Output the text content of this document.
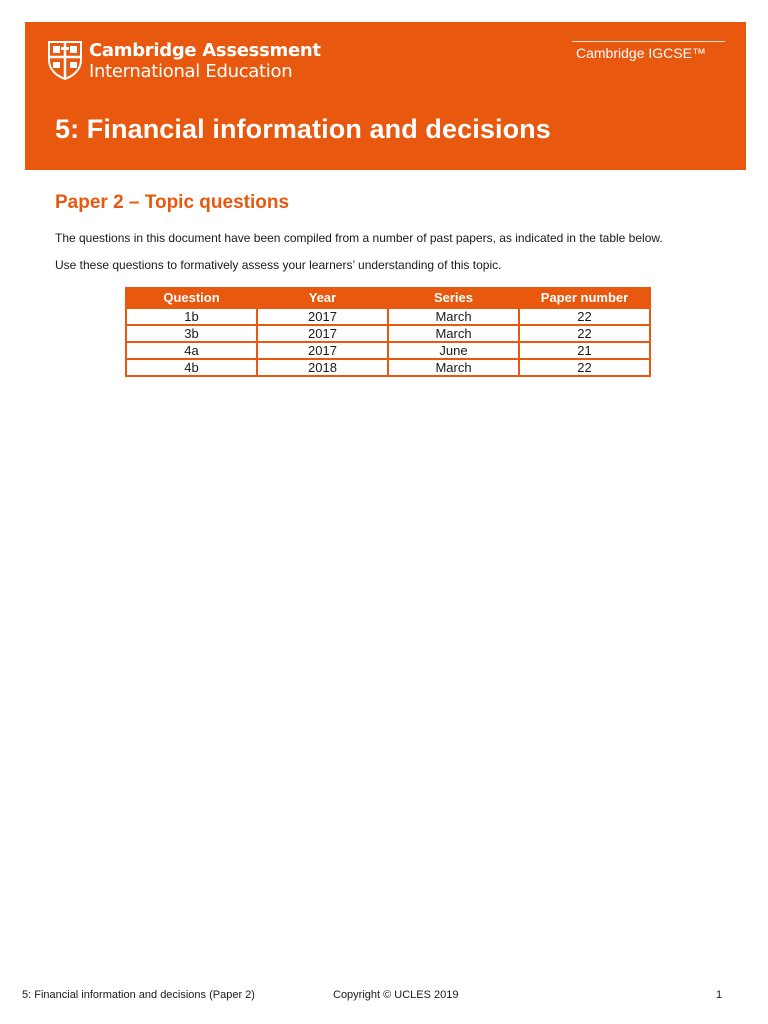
Cambridge Assessment
International Education
Cambridge IGCSE™
5: Financial information and decisions
Paper 2 – Topic questions

The questions in this document have been compiled from a number of past papers, as indicated in the table below.

Use these questions to formatively assess your learners’ understanding of this topic.

Question	Year	Series	Paper number
1b	2017	March	22
3b	2017	March	22
4a	2017	June	21
4b	2018	March	22
5: Financial information and decisions (Paper 2)	Copyright © UCLES 2019	1
